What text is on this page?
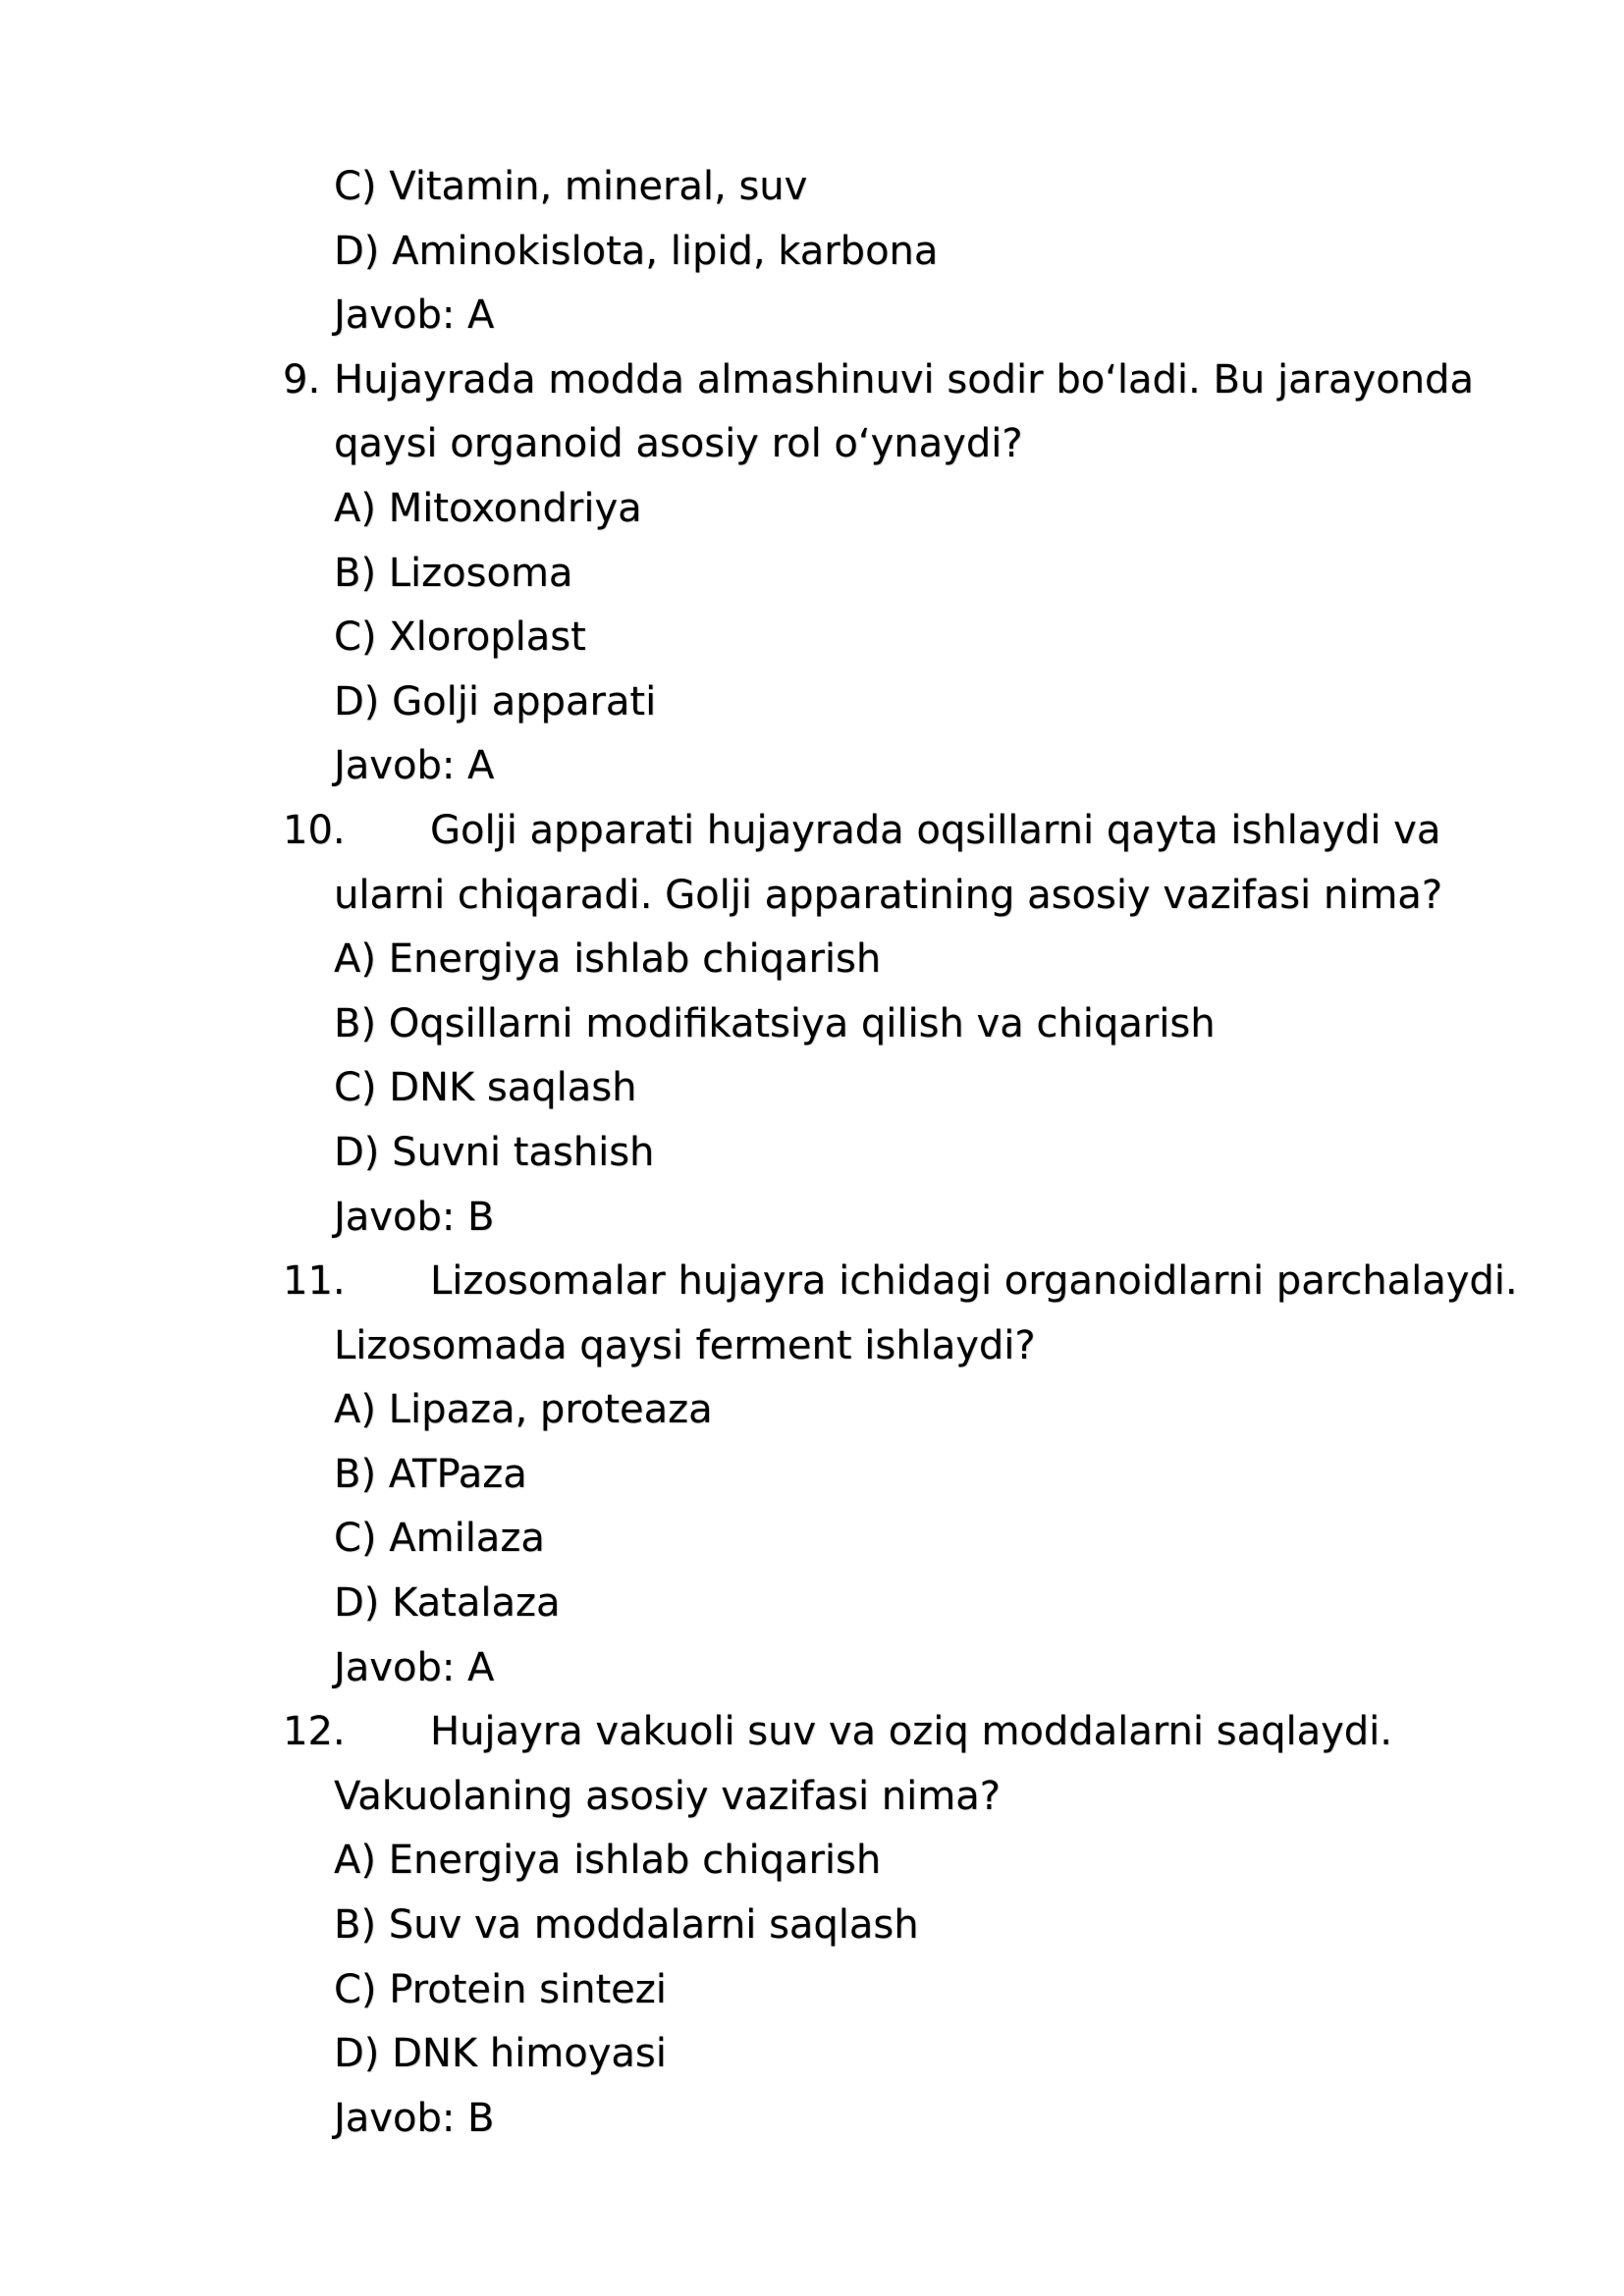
C) Vitamin, mineral, suv
D) Aminokislota, lipid, karbona
Javob: A
9. Hujayrada modda almashinuvi sodir bo‘ladi. Bu jarayonda
qaysi organoid asosiy rol o‘ynaydi?
A) Mitoxondriya
B) Lizosoma
C) Xloroplast
D) Golji apparati
Javob: A
10. Golji apparati hujayrada oqsillarni qayta ishlaydi va
ularni chiqaradi. Golji apparatining asosiy vazifasi nima?
A) Energiya ishlab chiqarish
B) Oqsillarni modifikatsiya qilish va chiqarish
C) DNK saqlash
D) Suvni tashish
Javob: B
11. Lizosomalar hujayra ichidagi organoidlarni parchalaydi.
Lizosomada qaysi ferment ishlaydi?
A) Lipaza, proteaza
B) ATPaza
C) Amilaza
D) Katalaza
Javob: A
12. Hujayra vakuoli suv va oziq moddalarni saqlaydi.
Vakuolaning asosiy vazifasi nima?
A) Energiya ishlab chiqarish
B) Suv va moddalarni saqlash
C) Protein sintezi
D) DNK himoyasi
Javob: B
